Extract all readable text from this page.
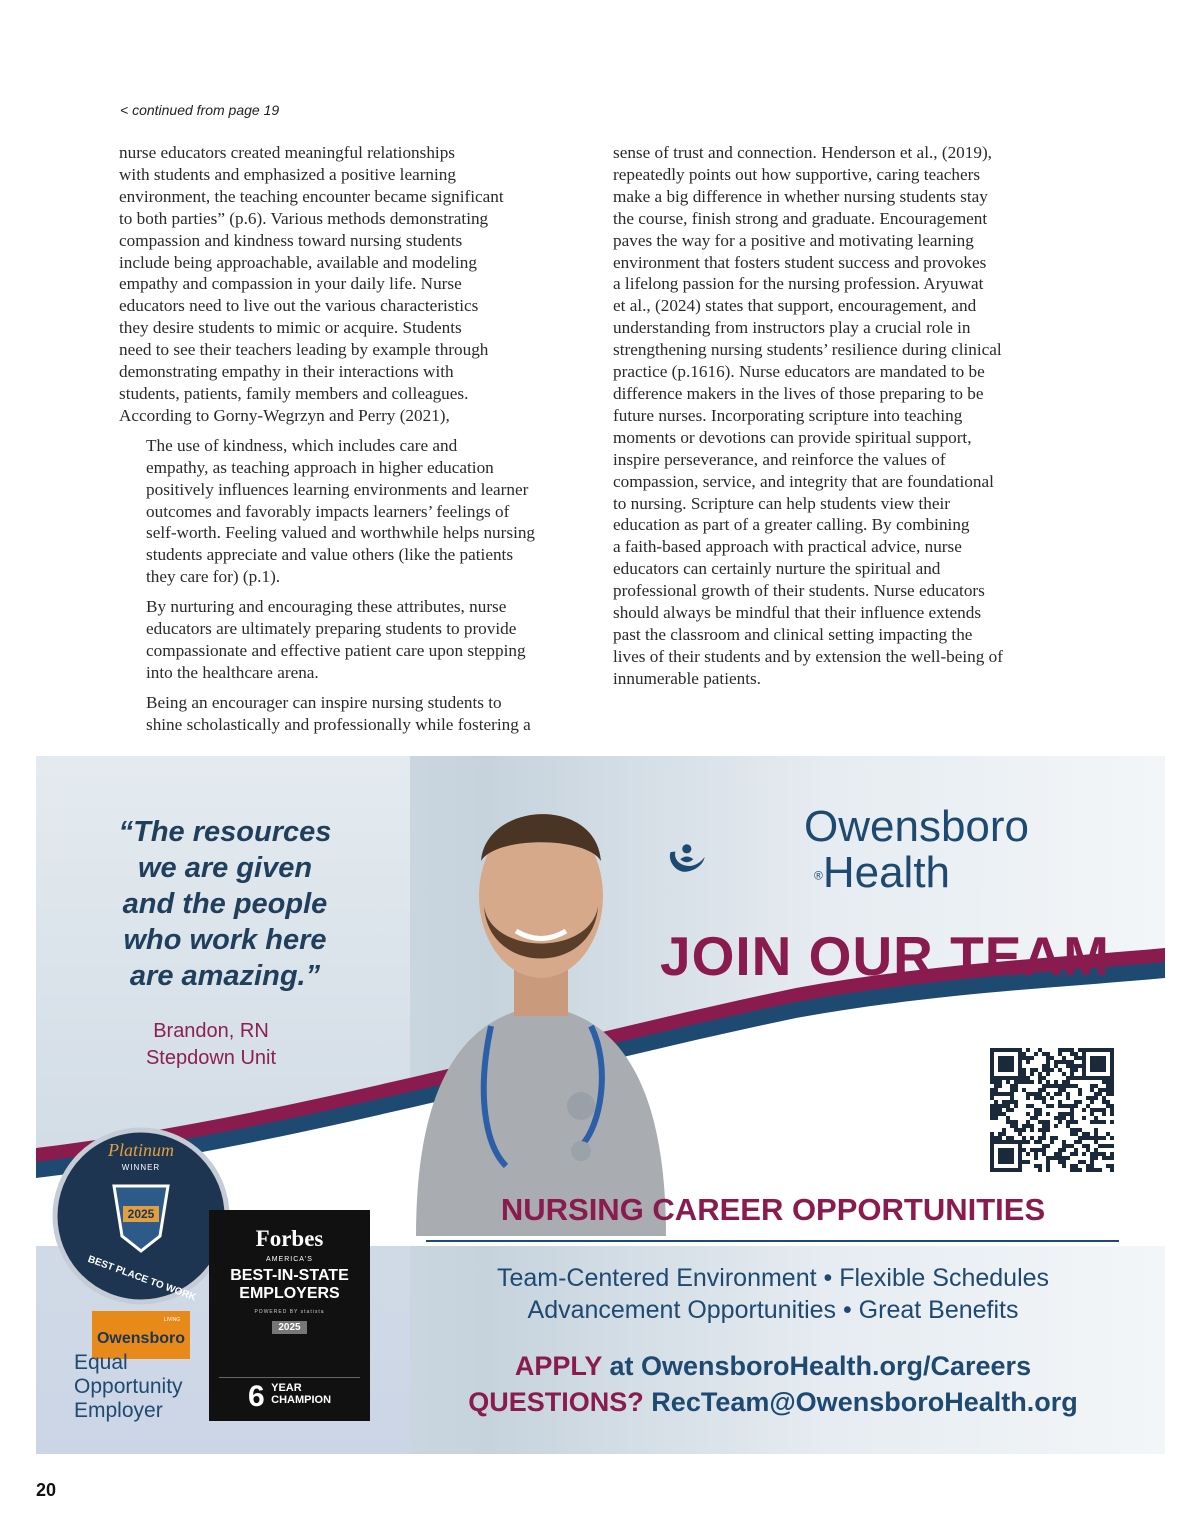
< continued from page 19

nurse educators created meaningful relationships
with students and emphasized a positive learning
environment, the teaching encounter became significant
to both parties” (p.6). Various methods demonstrating
compassion and kindness toward nursing students
include being approachable, available and modeling
empathy and compassion in your daily life. Nurse
educators need to live out the various characteristics
they desire students to mimic or acquire. Students
need to see their teachers leading by example through
demonstrating empathy in their interactions with
students, patients, family members and colleagues.
According to Gorny-Wegrzyn and Perry (2021),

The use of kindness, which includes care and
empathy, as teaching approach in higher education
positively influences learning environments and learner
outcomes and favorably impacts learners’ feelings of
self-worth. Feeling valued and worthwhile helps nursing
students appreciate and value others (like the patients
they care for) (p.1).

By nurturing and encouraging these attributes, nurse
educators are ultimately preparing students to provide
compassionate and effective patient care upon stepping
into the healthcare arena.

Being an encourager can inspire nursing students to
shine scholastically and professionally while fostering a

sense of trust and connection. Henderson et al., (2019),
repeatedly points out how supportive, caring teachers
make a big difference in whether nursing students stay
the course, finish strong and graduate. Encouragement
paves the way for a positive and motivating learning
environment that fosters student success and provokes
a lifelong passion for the nursing profession. Aryuwat
et al., (2024) states that support, encouragement, and
understanding from instructors play a crucial role in
strengthening nursing students’ resilience during clinical
practice (p.1616). Nurse educators are mandated to be
difference makers in the lives of those preparing to be
future nurses. Incorporating scripture into teaching
moments or devotions can provide spiritual support,
inspire perseverance, and reinforce the values of
compassion, service, and integrity that are foundational
to nursing. Scripture can help students view their
education as part of a greater calling. By combining
a faith-based approach with practical advice, nurse
educators can certainly nurture the spiritual and
professional growth of their students. Nurse educators
should always be mindful that their influence extends
past the classroom and clinical setting impacting the
lives of their students and by extension the well-being of
innumerable patients.

“The resources
we are given
and the people
who work here
are amazing.”
Brandon, RN
Stepdown Unit
Owensboro
®Health
JOIN OUR TEAM
Platinum
WINNER
2025
BEST PLACE TO WORK
LIVING
Owensboro
Forbes
AMERICA'S
BEST-IN-STATE
EMPLOYERS
POWERED BY statista
2025
6 YEAR
CHAMPION
Equal
Opportunity
Employer
NURSING CAREER OPPORTUNITIES
Team-Centered Environment • Flexible Schedules
Advancement Opportunities • Great Benefits
APPLY at OwensboroHealth.org/Careers
QUESTIONS? RecTeam@OwensboroHealth.org
20
